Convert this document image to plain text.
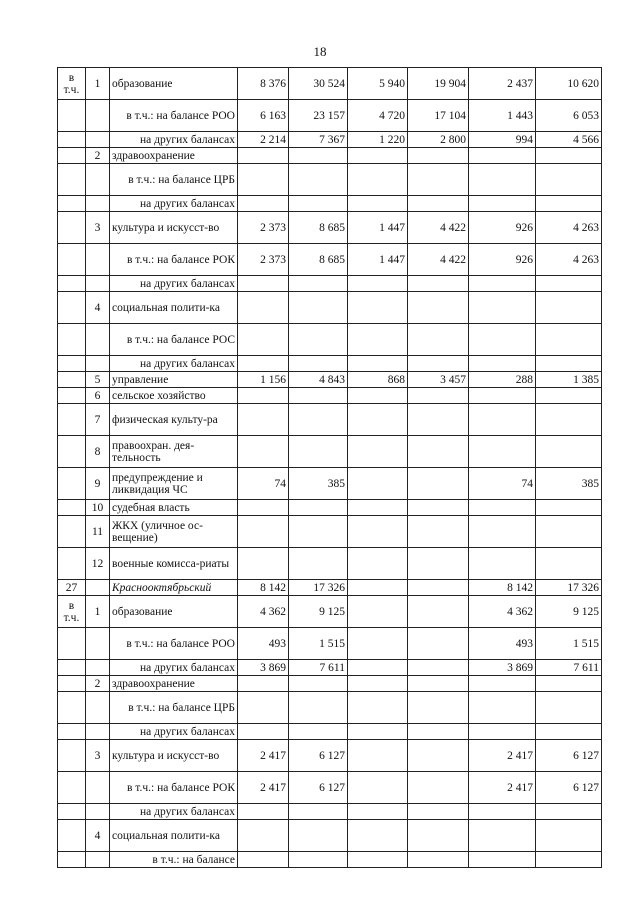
18
в т.ч.	1	образование	8 376	30 524	5 940	19 904	2 437	10 620
		в т.ч.: на балансе РОО	6 163	23 157	4 720	17 104	1 443	6 053
		на других балансах	2 214	7 367	1 220	2 800	994	4 566
	2	здравоохранение						
		в т.ч.: на балансе ЦРБ						
		на других балансах						
	3	культура и искусст-во	2 373	8 685	1 447	4 422	926	4 263
		в т.ч.: на балансе РОК	2 373	8 685	1 447	4 422	926	4 263
		на других балансах						
	4	социальная полити-ка						
		в т.ч.: на балансе РОС						
		на других балансах						
	5	управление	1 156	4 843	868	3 457	288	1 385
	6	сельское хозяйство						
	7	физическая культу-ра						
	8	правоохран. дея-тельность						
	9	предупреждение и ликвидация ЧС	74	385			74	385
	10	судебная власть						
	11	ЖКХ (уличное ос-вещение)						
	12	военные комисса-риаты						
27		Краснооктябрьский	8 142	17 326			8 142	17 326
в т.ч.	1	образование	4 362	9 125			4 362	9 125
		в т.ч.: на балансе РОО	493	1 515			493	1 515
		на других балансах	3 869	7 611			3 869	7 611
	2	здравоохранение						
		в т.ч.: на балансе ЦРБ						
		на других балансах						
	3	культура и искусст-во	2 417	6 127			2 417	6 127
		в т.ч.: на балансе РОК	2 417	6 127			2 417	6 127
		на других балансах						
	4	социальная полити-ка						
		в т.ч.: на балансе						
